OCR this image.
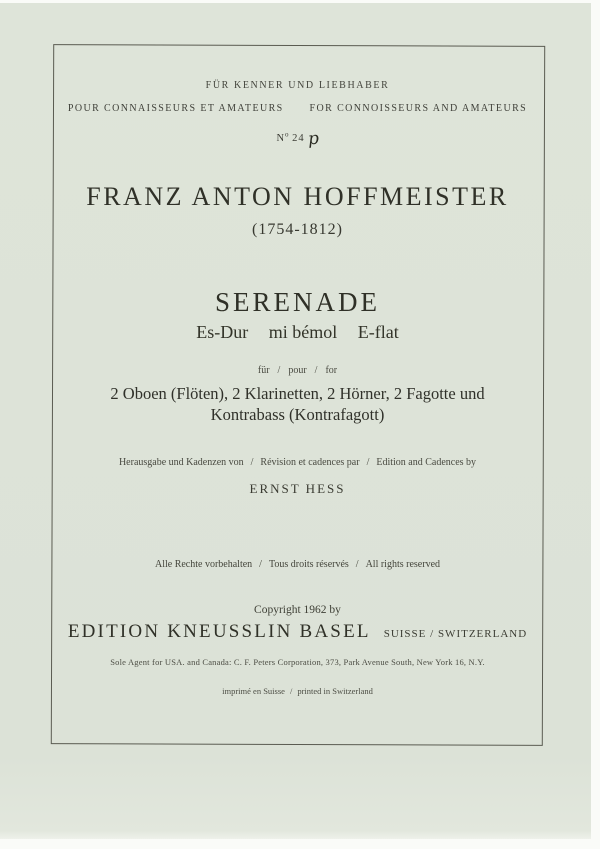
FÜR KENNER UND LIEBHABER
POUR CONNAISSEURS ET AMATEURS	FOR CONNOISSEURS AND AMATEURS
$N^o$ 24 p
FRANZ ANTON HOFFMEISTER
(1754-1812)
SERENADE
Es-Dur mi bémol E-flat
für / pour / for
2 Oboen (Flöten), 2 Klarinetten, 2 Hörner, 2 Fagotte und
Kontrabass (Kontrafagott)
Herausgabe und Kadenzen von / Révision et cadences par / Edition and Cadences by
ERNST HESS
Alle Rechte vorbehalten / Tous droits réservés / All rights reserved
Copyright 1962 by
EDITION KNEUSSLIN BASEL SUISSE / SWITZERLAND
Sole Agent for USA. and Canada: C. F. Peters Corporation, 373, Park Avenue South, New York 16, N.Y.
imprimé en Suisse / printed in Switzerland
